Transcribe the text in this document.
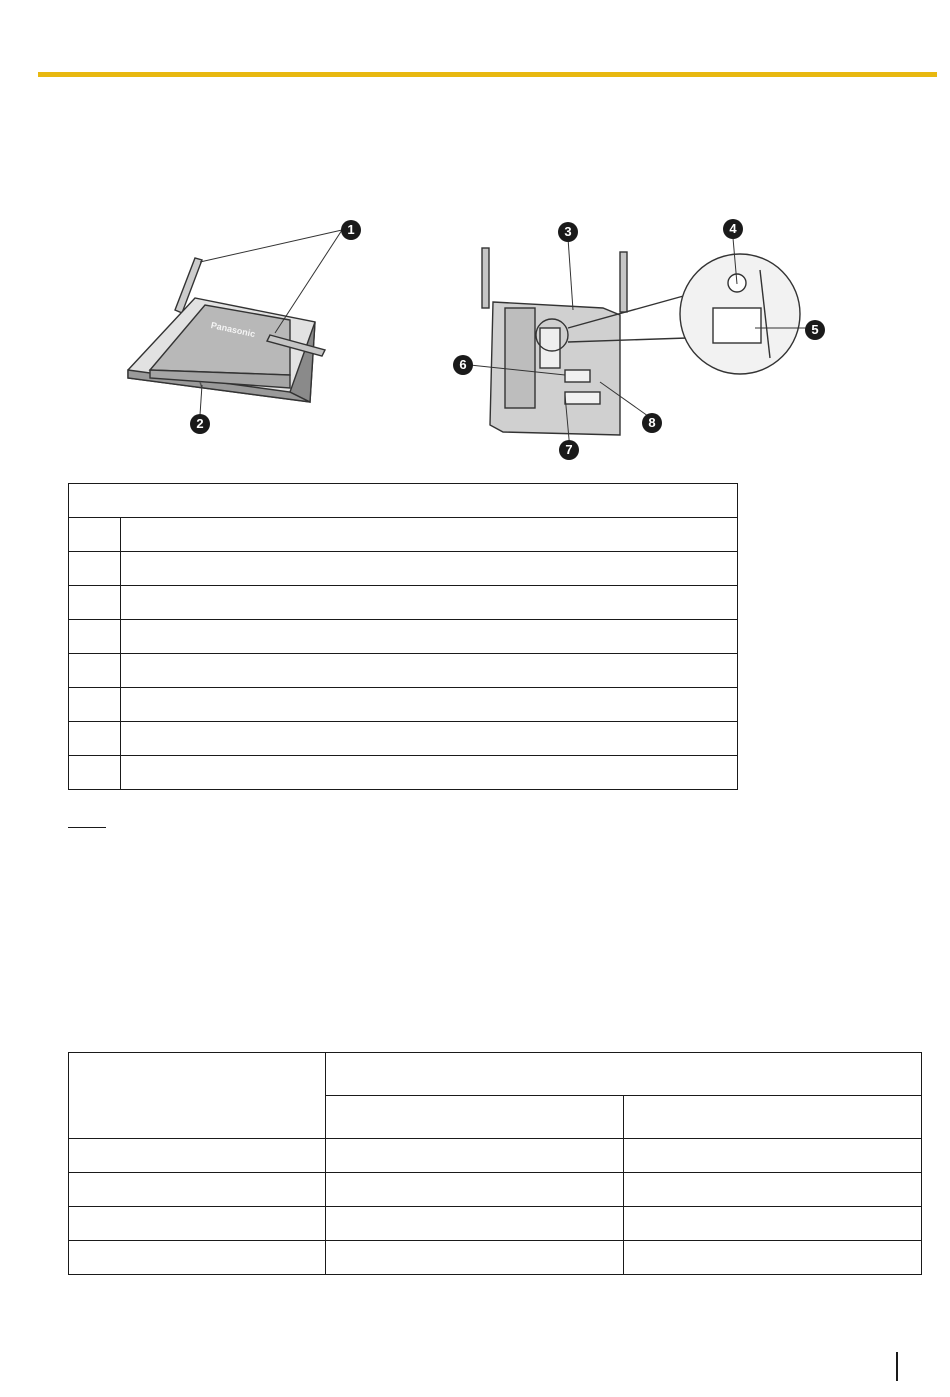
Panasonic
1
2
3	4
5
6
7
8
